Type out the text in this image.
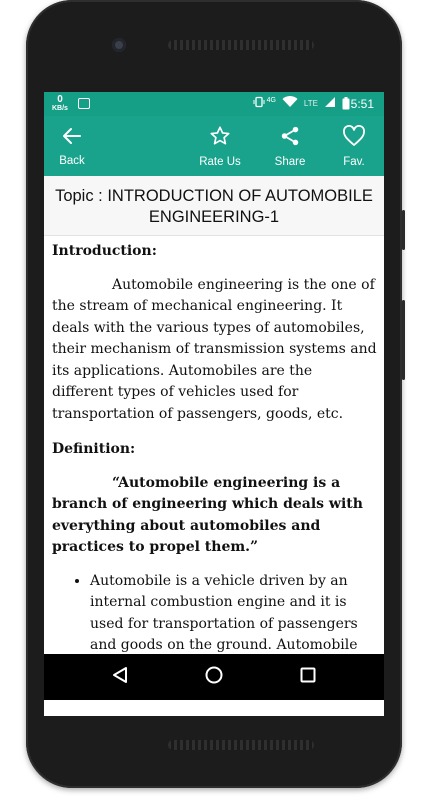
0
KB/s
4G	LTE	5:51
Back	Rate Us	Share	Fav.
Topic : INTRODUCTION OF AUTOMOBILE
ENGINEERING-1
Introduction:
Automobile engineering is the one of the stream of mechanical engineering. It deals with the various types of automobiles, their mechanism of transmission systems and its applications. Automobiles are the different types of vehicles used for transportation of passengers, goods, etc.
Definition:
“Automobile engineering is a branch of engineering which deals with everything about automobiles and practices to propel them.”
• Automobile is a vehicle driven by an internal combustion engine and it is used for transportation of passengers and goods on the ground. Automobile
